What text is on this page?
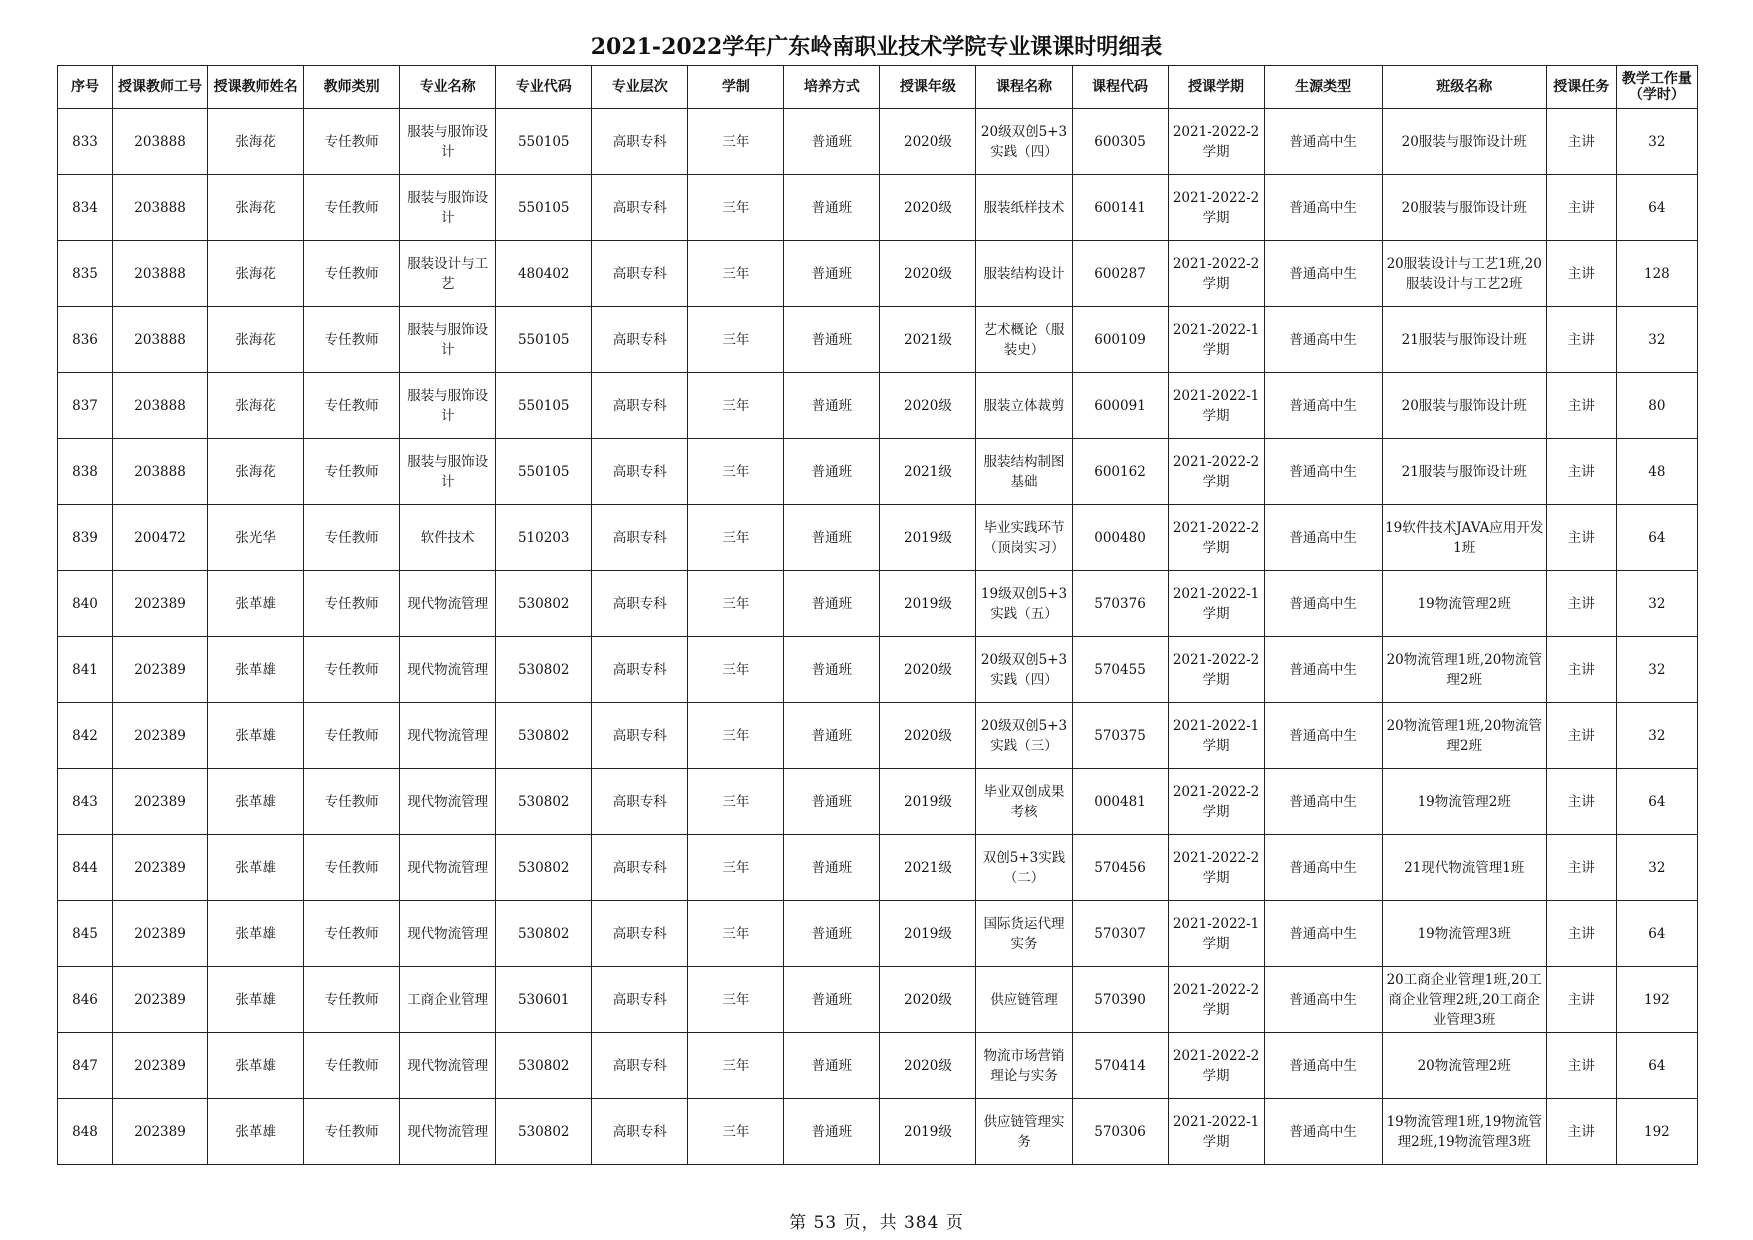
2021-2022学年广东岭南职业技术学院专业课课时明细表
序号	授课教师工号	授课教师姓名	教师类别	专业名称	专业代码	专业层次	学制	培养方式	授课年级	课程名称	课程代码	授课学期	生源类型	班级名称	授课任务	教学工作量（学时）

833	203888	张海花	专任教师	服装与服饰设计	550105	高职专科	三年	普通班	2020级	20级双创5+3实践（四）	600305	2021-2022-2学期	普通高中生	20服装与服饰设计班	主讲	32

834	203888	张海花	专任教师	服装与服饰设计	550105	高职专科	三年	普通班	2020级	服装纸样技术	600141	2021-2022-2学期	普通高中生	20服装与服饰设计班	主讲	64

835	203888	张海花	专任教师	服装设计与工艺	480402	高职专科	三年	普通班	2020级	服装结构设计	600287	2021-2022-2学期	普通高中生	20服装设计与工艺1班,20服装设计与工艺2班	主讲	128

836	203888	张海花	专任教师	服装与服饰设计	550105	高职专科	三年	普通班	2021级	艺术概论（服装史）	600109	2021-2022-1学期	普通高中生	21服装与服饰设计班	主讲	32

837	203888	张海花	专任教师	服装与服饰设计	550105	高职专科	三年	普通班	2020级	服装立体裁剪	600091	2021-2022-1学期	普通高中生	20服装与服饰设计班	主讲	80

838	203888	张海花	专任教师	服装与服饰设计	550105	高职专科	三年	普通班	2021级	服装结构制图基础	600162	2021-2022-2学期	普通高中生	21服装与服饰设计班	主讲	48

839	200472	张光华	专任教师	软件技术	510203	高职专科	三年	普通班	2019级	毕业实践环节（顶岗实习）	000480	2021-2022-2学期	普通高中生	19软件技术JAVA应用开发1班	主讲	64

840	202389	张革雄	专任教师	现代物流管理	530802	高职专科	三年	普通班	2019级	19级双创5+3实践（五）	570376	2021-2022-1学期	普通高中生	19物流管理2班	主讲	32

841	202389	张革雄	专任教师	现代物流管理	530802	高职专科	三年	普通班	2020级	20级双创5+3实践（四）	570455	2021-2022-2学期	普通高中生	20物流管理1班,20物流管理2班	主讲	32

842	202389	张革雄	专任教师	现代物流管理	530802	高职专科	三年	普通班	2020级	20级双创5+3实践（三）	570375	2021-2022-1学期	普通高中生	20物流管理1班,20物流管理2班	主讲	32

843	202389	张革雄	专任教师	现代物流管理	530802	高职专科	三年	普通班	2019级	毕业双创成果考核	000481	2021-2022-2学期	普通高中生	19物流管理2班	主讲	64

844	202389	张革雄	专任教师	现代物流管理	530802	高职专科	三年	普通班	2021级	双创5+3实践（二）	570456	2021-2022-2学期	普通高中生	21现代物流管理1班	主讲	32

845	202389	张革雄	专任教师	现代物流管理	530802	高职专科	三年	普通班	2019级	国际货运代理实务	570307	2021-2022-1学期	普通高中生	19物流管理3班	主讲	64

846	202389	张革雄	专任教师	工商企业管理	530601	高职专科	三年	普通班	2020级	供应链管理	570390	2021-2022-2学期	普通高中生	20工商企业管理1班,20工商企业管理2班,20工商企业管理3班	主讲	192

847	202389	张革雄	专任教师	现代物流管理	530802	高职专科	三年	普通班	2020级	物流市场营销理论与实务	570414	2021-2022-2学期	普通高中生	20物流管理2班	主讲	64

848	202389	张革雄	专任教师	现代物流管理	530802	高职专科	三年	普通班	2019级	供应链管理实务	570306	2021-2022-1学期	普通高中生	19物流管理1班,19物流管理2班,19物流管理3班	主讲	192
第 53 页，共 384 页
